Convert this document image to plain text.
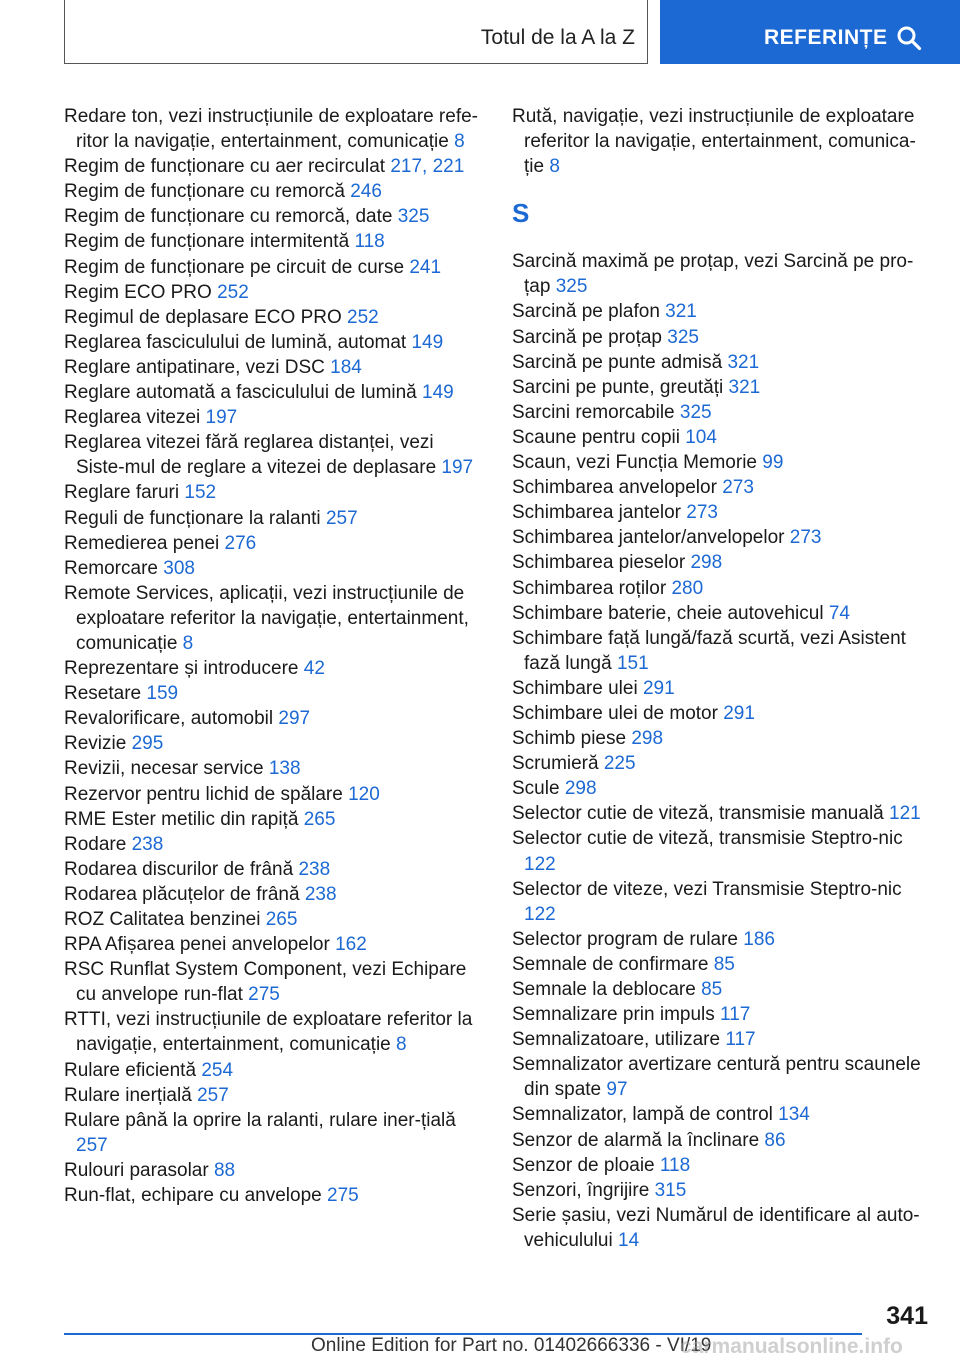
Totul de la A la Z	REFERINȚE
Redare ton, vezi instrucțiunile de exploatare refe-ritor la navigație, entertainment, comunicație 8
Regim de funcționare cu aer recirculat 217, 221
Regim de funcționare cu remorcă 246
Regim de funcționare cu remorcă, date 325
Regim de funcționare intermitentă 118
Regim de funcționare pe circuit de curse 241
Regim ECO PRO 252
Regimul de deplasare ECO PRO 252
Reglarea fasciculului de lumină, automat 149
Reglare antipatinare, vezi DSC 184
Reglare automată a fasciculului de lumină 149
Reglarea vitezei 197
Reglarea vitezei fără reglarea distanței, vezi Siste-mul de reglare a vitezei de deplasare 197
Reglare faruri 152
Reguli de funcționare la ralanti 257
Remedierea penei 276
Remorcare 308
Remote Services, aplicații, vezi instrucțiunile de exploatare referitor la navigație, entertainment, comunicație 8
Reprezentare și introducere 42
Resetare 159
Revalorificare, automobil 297
Revizie 295
Revizii, necesar service 138
Rezervor pentru lichid de spălare 120
RME Ester metilic din rapiță 265
Rodare 238
Rodarea discurilor de frână 238
Rodarea plăcuțelor de frână 238
ROZ Calitatea benzinei 265
RPA Afișarea penei anvelopelor 162
RSC Runflat System Component, vezi Echipare cu anvelope run-flat 275
RTTI, vezi instrucțiunile de exploatare referitor la navigație, entertainment, comunicație 8
Rulare eficientă 254
Rulare inerțială 257
Rulare până la oprire la ralanti, rulare iner-țială 257
Rulouri parasolar 88
Run-flat, echipare cu anvelope 275
Rută, navigație, vezi instrucțiunile de exploatare referitor la navigație, entertainment, comunica-ție 8
S
Sarcină maximă pe proțap, vezi Sarcină pe pro-țap 325
Sarcină pe plafon 321
Sarcină pe proțap 325
Sarcină pe punte admisă 321
Sarcini pe punte, greutăți 321
Sarcini remorcabile 325
Scaune pentru copii 104
Scaun, vezi Funcția Memorie 99
Schimbarea anvelopelor 273
Schimbarea jantelor 273
Schimbarea jantelor/anvelopelor 273
Schimbarea pieselor 298
Schimbarea roților 280
Schimbare baterie, cheie autovehicul 74
Schimbare față lungă/fază scurtă, vezi Asistent fază lungă 151
Schimbare ulei 291
Schimbare ulei de motor 291
Schimb piese 298
Scrumieră 225
Scule 298
Selector cutie de viteză, transmisie manuală 121
Selector cutie de viteză, transmisie Steptro-nic 122
Selector de viteze, vezi Transmisie Steptro-nic 122
Selector program de rulare 186
Semnale de confirmare 85
Semnale la deblocare 85
Semnalizare prin impuls 117
Semnalizatoare, utilizare 117
Semnalizator avertizare centură pentru scaunele din spate 97
Semnalizator, lampă de control 134
Senzor de alarmă la înclinare 86
Senzor de ploaie 118
Senzori, îngrijire 315
Serie șasiu, vezi Numărul de identificare al auto-vehiculului 14
341
Online Edition for Part no. 01402666336 - VI/19
carmanualsonline.info
